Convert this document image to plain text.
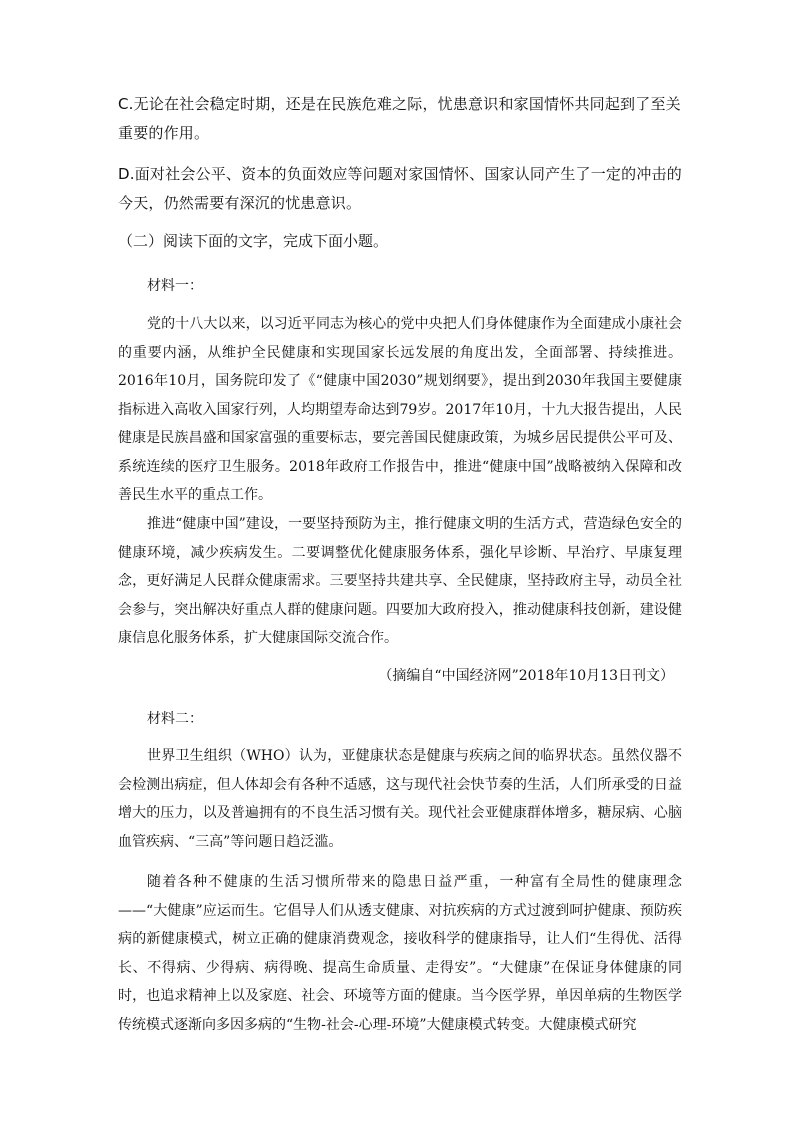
C.无论在社会稳定时期，还是在民族危难之际，忧患意识和家国情怀共同起到了至关重要的作用。
D.面对社会公平、资本的负面效应等问题对家国情怀、国家认同产生了一定的冲击的今天，仍然需要有深沉的忧患意识。
（二）阅读下面的文字，完成下面小题。
材料一：
党的十八大以来，以习近平同志为核心的党中央把人们身体健康作为全面建成小康社会的重要内涵，从维护全民健康和实现国家长远发展的角度出发，全面部署、持续推进。2016年10月，国务院印发了《“健康中国2030”规划纲要》，提出到2030年我国主要健康指标进入高收入国家行列，人均期望寿命达到79岁。2017年10月，十九大报告提出，人民健康是民族昌盛和国家富强的重要标志，要完善国民健康政策，为城乡居民提供公平可及、系统连续的医疗卫生服务。2018年政府工作报告中，推进“健康中国”战略被纳入保障和改善民生水平的重点工作。
推进“健康中国”建设，一要坚持预防为主，推行健康文明的生活方式，营造绿色安全的健康环境，减少疾病发生。二要调整优化健康服务体系，强化早诊断、早治疗、早康复理念，更好满足人民群众健康需求。三要坚持共建共享、全民健康，坚持政府主导，动员全社会参与，突出解决好重点人群的健康问题。四要加大政府投入，推动健康科技创新，建设健康信息化服务体系，扩大健康国际交流合作。
（摘编自“中国经济网”2018年10月13日刊文）
材料二：
世界卫生组织（WHO）认为，亚健康状态是健康与疾病之间的临界状态。虽然仪器不会检测出病症，但人体却会有各种不适感，这与现代社会快节奏的生活，人们所承受的日益增大的压力，以及普遍拥有的不良生活习惯有关。现代社会亚健康群体增多，糖尿病、心脑血管疾病、“三高”等问题日趋泛滥。
随着各种不健康的生活习惯所带来的隐患日益严重，一种富有全局性的健康理念——“大健康”应运而生。它倡导人们从透支健康、对抗疾病的方式过渡到呵护健康、预防疾病的新健康模式，树立正确的健康消费观念，接收科学的健康指导，让人们“生得优、活得长、不得病、少得病、病得晚、提高生命质量、走得安”。“大健康”在保证身体健康的同时，也追求精神上以及家庭、社会、环境等方面的健康。当今医学界，单因单病的生物医学传统模式逐渐向多因多病的“生物-社会-心理-环境”大健康模式转变。大健康模式研究
